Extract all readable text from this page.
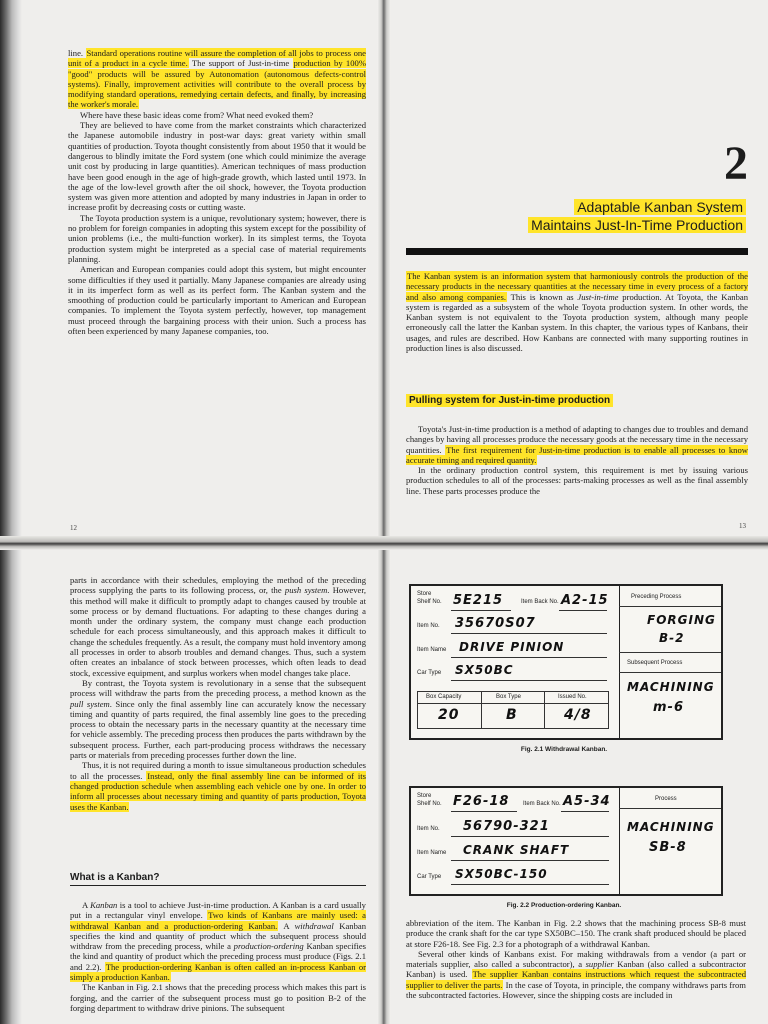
line. Standard operations routine will assure the completion of all jobs to process one unit of a product in a cycle time. The support of Just-in-time production by 100% "good" products will be assured by Autonomation (autonomous defects-control systems). Finally, improvement activities will contribute to the overall process by modifying standard operations, remedying certain defects, and finally, by increasing the worker's morale.

Where have these basic ideas come from? What need evoked them?

They are believed to have come from the market constraints which characterized the Japanese automobile industry in post-war days: great variety within small quantities of production. Toyota thought consistently from about 1950 that it would be dangerous to blindly imitate the Ford system (one which could minimize the average unit cost by producing in large quantities). American techniques of mass production have been good enough in the age of high-grade growth, which lasted until 1973. In the age of the low-level growth after the oil shock, however, the Toyota production system was given more attention and adopted by many industries in Japan in order to increase profit by decreasing costs or cutting waste.

The Toyota production system is a unique, revolutionary system; however, there is no problem for foreign companies in adopting this system except for the possibility of union problems (i.e., the multi-function worker). In its simplest terms, the Toyota production system might be interpreted as a special case of material requirements planning.

American and European companies could adopt this system, but might encounter some difficulties if they used it partially. Many Japanese companies are already using it in its imperfect form as well as its perfect form. The Kanban system and the smoothing of production could be particularly important to American and European companies. To implement the Toyota system perfectly, however, top management must proceed through the bargaining process with their union. Such a process has often been experienced by many Japanese companies, too.

12
2
Adaptable Kanban System
Maintains Just-In-Time Production

The Kanban system is an information system that harmoniously controls the production of the necessary products in the necessary quantities at the necessary time in every process of a factory and also among companies. This is known as Just-in-time production. At Toyota, the Kanban system is regarded as a subsystem of the whole Toyota production system. In other words, the Kanban system is not equivalent to the Toyota production system, although many people erroneously call the latter the Kanban system. In this chapter, the various types of Kanbans, their usages, and rules are described. How Kanbans are connected with many supporting routines in production lines is also discussed.

Pulling system for Just-in-time production

Toyota's Just-in-time production is a method of adapting to changes due to troubles and demand changes by having all processes produce the necessary goods at the necessary time in the necessary quantities. The first requirement for Just-in-time production is to enable all processes to know accurate timing and required quantity.

In the ordinary production control system, this requirement is met by issuing various production schedules to all of the processes: parts-making processes as well as the final assembly line. These parts processes produce the

13

parts in accordance with their schedules, employing the method of the preceding process supplying the parts to its following process, or, the push system. However, this method will make it difficult to promptly adapt to changes caused by trouble at some process or by demand fluctuations. For adapting to these changes during a month under the ordinary system, the company must change each production schedule for each process simultaneously, and this approach makes it difficult to change the schedules frequently. As a result, the company must hold inventory among all processes in order to absorb troubles and demand changes. Thus, such a system often creates an inbalance of stock between processes, which often leads to dead stock, excessive equipment, and surplus workers when model changes take place.

By contrast, the Toyota system is revolutionary in a sense that the subsequent process will withdraw the parts from the preceding process, a method known as the pull system. Since only the final assembly line can accurately know the necessary timing and quantity of parts required, the final assembly line goes to the preceding process to obtain the necessary parts in the necessary quantity at the necessary time for vehicle assembly. The preceding process then produces the parts withdrawn by the subsequent process. Further, each part-producing process withdraws the necessary parts or materials from preceding processes further down the line.

Thus, it is not required during a month to issue simultaneous production schedules to all the processes. Instead, only the final assembly line can be informed of its changed production schedule when assembling each vehicle one by one. In order to inform all processes about necessary timing and quantity of parts production, Toyota uses the Kanban.

What is a Kanban?

A Kanban is a tool to achieve Just-in-time production. A Kanban is a card usually put in a rectangular vinyl envelope. Two kinds of Kanbans are mainly used: a withdrawal Kanban and a production-ordering Kanban. A withdrawal Kanban specifies the kind and quantity of product which the subsequent process should withdraw from the preceding process, while a production-ordering Kanban specifies the kind and quantity of product which the preceding process must produce (Figs. 2.1 and 2.2). The production-ordering Kanban is often called an in-process Kanban or simply a production Kanban.

The Kanban in Fig. 2.1 shows that the preceding process which makes this part is forging, and the carrier of the subsequent process must go to position B-2 of the forging department to withdraw drive pinions. The subsequent

Store
Shelf No. 5E215	Item Back No. A2-15
Item No. 35670S07
Item Name DRIVE PINION
Car Type SX50BC
Box Capacity	Box Type	Issued No.
20	B	4/8
Preceding Process
FORGING
B-2
Subsequent Process
MACHINING
m-6
Fig. 2.1 Withdrawal Kanban.
Store
Shelf No. F26-18 Item Back No. A5-34
Item No. 56790-321
Item Name CRANK SHAFT
Car Type SX50BC-150
Process
MACHINING
SB-8
Fig. 2.2 Production-ordering Kanban.

abbreviation of the item. The Kanban in Fig. 2.2 shows that the machining process SB-8 must produce the crank shaft for the car type SX50BC–150. The crank shaft produced should be placed at store F26-18. See Fig. 2.3 for a photograph of a withdrawal Kanban.

Several other kinds of Kanbans exist. For making withdrawals from a vendor (a part or materials supplier, also called a subcontractor), a supplier Kanban (also called a subcontractor Kanban) is used. The supplier Kanban contains instructions which request the subcontracted supplier to deliver the parts. In the case of Toyota, in principle, the company withdraws parts from the subcontracted factories. However, since the shipping costs are included in
